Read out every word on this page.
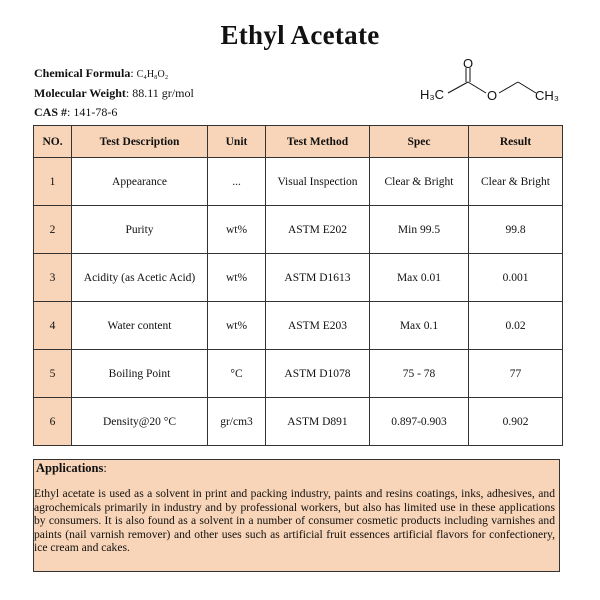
Ethyl Acetate
Chemical Formula: C₄H₈O₂
Molecular Weight: 88.11 gr/mol
CAS #: 141-78-6
H₃C
O
O	CH₃
NO.	Test Description	Unit	Test Method	Spec	Result
1	Appearance	...	Visual Inspection	Clear & Bright	Clear & Bright
2	Purity	wt%	ASTM E202	Min 99.5	99.8
3	Acidity (as Acetic Acid)	wt%	ASTM D1613	Max 0.01	0.001
4	Water content	wt%	ASTM E203	Max 0.1	0.02
5	Boiling Point	°C	ASTM D1078	75 - 78	77
6	Density@20 °C	gr/cm3	ASTM D891	0.897-0.903	0.902
Applications:
Ethyl acetate is used as a solvent in print and packing industry, paints and resins coatings, inks, adhesives, and agrochemicals primarily in industry and by professional workers, but also has limited use in these applications by consumers. It is also found as a solvent in a number of consumer cosmetic products including varnishes and paints (nail varnish remover) and other uses such as artificial fruit essences artificial flavors for confectionery, ice cream and cakes.
